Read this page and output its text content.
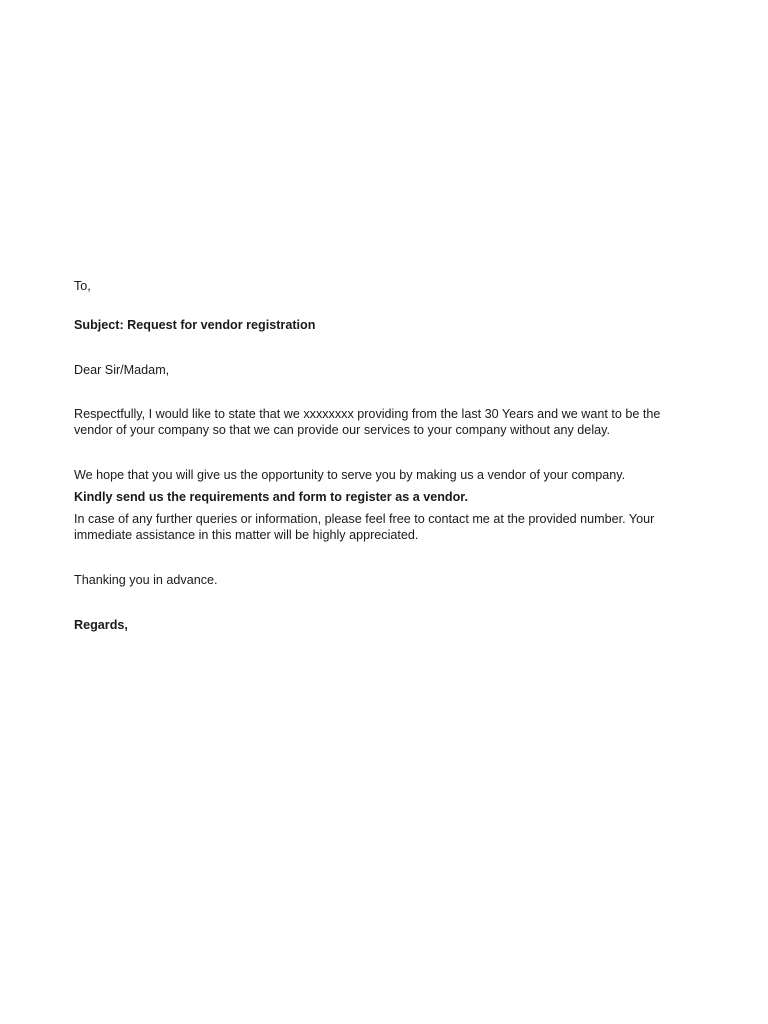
To,

Subject: Request for vendor registration

Dear Sir/Madam,

Respectfully, I would like to state that we xxxxxxxx providing from the last 30 Years and we want to be the vendor of your company so that we can provide our services to your company without any delay.

We hope that you will give us the opportunity to serve you by making us a vendor of your company.

Kindly send us the requirements and form to register as a vendor.

In case of any further queries or information, please feel free to contact me at the provided number. Your immediate assistance in this matter will be highly appreciated.

Thanking you in advance.

Regards,
